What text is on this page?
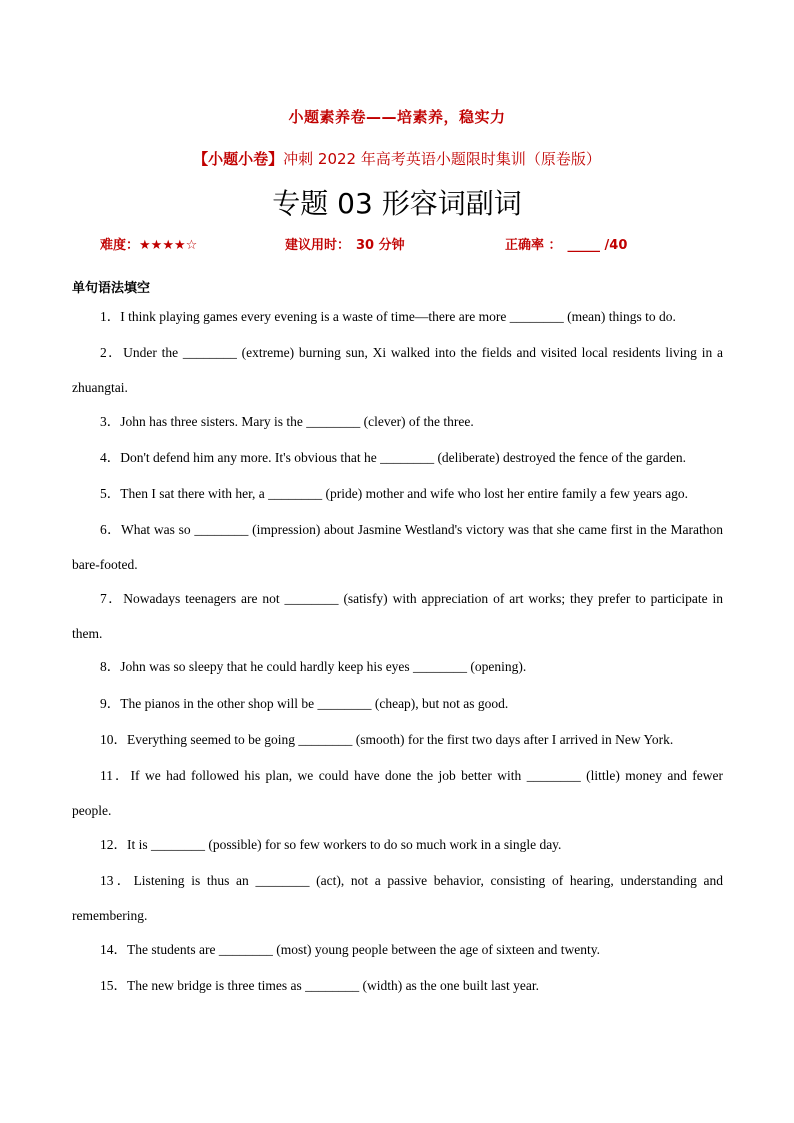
小题素养卷——培素养，稳实力
【小题小卷】冲刺 2022 年高考英语小题限时集训（原卷版）
专题 03 形容词副词
难度：★★★★☆	建议用时： 30 分钟	正确率 ： _____ /40
单句语法填空
1．I think playing games every evening is a waste of time—there are more ________ (mean) things to do.
2．Under the ________ (extreme) burning sun, Xi walked into the fields and visited local residents living in a zhuangtai.
3．John has three sisters. Mary is the ________ (clever) of the three.
4．Don't defend him any more. It's obvious that he ________ (deliberate) destroyed the fence of the garden.
5．Then I sat there with her, a ________ (pride) mother and wife who lost her entire family a few years ago.
6．What was so ________ (impression) about Jasmine Westland's victory was that she came first in the Marathon bare-footed.
7．Nowadays teenagers are not ________ (satisfy) with appreciation of art works; they prefer to participate in them.
8．John was so sleepy that he could hardly keep his eyes ________ (opening).
9．The pianos in the other shop will be ________ (cheap), but not as good.
10．Everything seemed to be going ________ (smooth) for the first two days after I arrived in New York.
11．If we had followed his plan, we could have done the job better with ________ (little) money and fewer people.
12．It is ________ (possible) for so few workers to do so much work in a single day.
13．Listening is thus an ________ (act), not a passive behavior, consisting of hearing, understanding and remembering.
14．The students are ________ (most) young people between the age of sixteen and twenty.
15．The new bridge is three times as ________ (width) as the one built last year.
